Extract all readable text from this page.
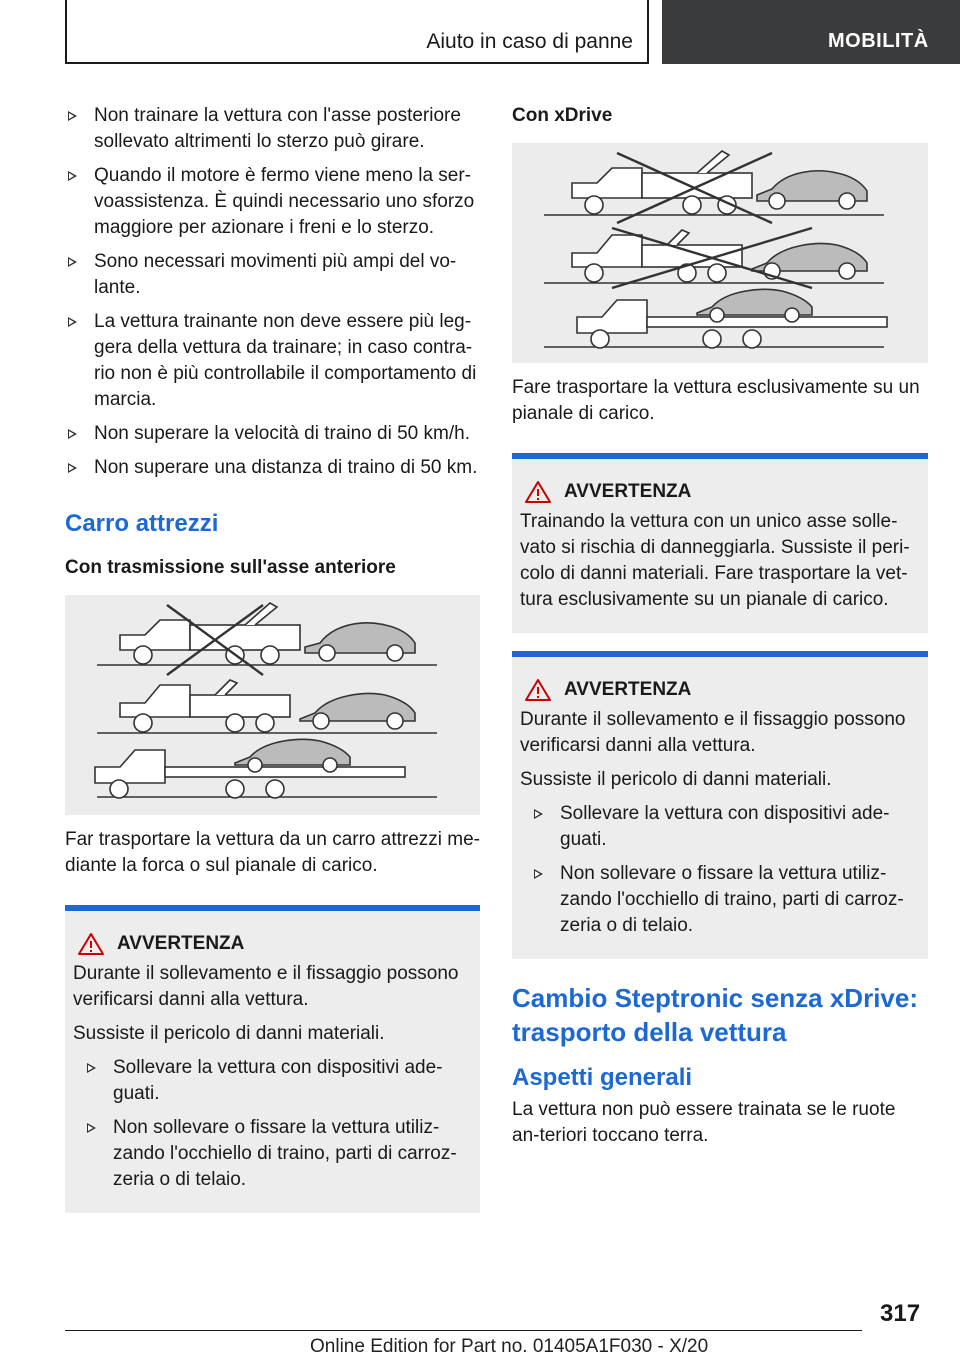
Aiuto in caso di panne	MOBILITÀ
Non trainare la vettura con l'asse posteriore sollevato altrimenti lo sterzo può girare.
Quando il motore è fermo viene meno la ser-voassistenza. È quindi necessario uno sforzo maggiore per azionare i freni e lo sterzo.
Sono necessari movimenti più ampi del vo-lante.
La vettura trainante non deve essere più leg-gera della vettura da trainare; in caso contra-rio non è più controllabile il comportamento di marcia.
Non superare la velocità di traino di 50 km/h.
Non superare una distanza di traino di 50 km.
Carro attrezzi
Con trasmissione sull'asse anteriore
Far trasportare la vettura da un carro attrezzi me-diante la forca o sul pianale di carico.
AVVERTENZA

Durante il sollevamento e il fissaggio possono verificarsi danni alla vettura.

Sussiste il pericolo di danni materiali.

Sollevare la vettura con dispositivi ade-guati.
Non sollevare o fissare la vettura utiliz-zando l'occhiello di traino, parti di carroz-zeria o di telaio.
Con xDrive
Fare trasportare la vettura esclusivamente su un pianale di carico.
AVVERTENZA

Trainando la vettura con un unico asse solle-vato si rischia di danneggiarla. Sussiste il peri-colo di danni materiali. Fare trasportare la vet-tura esclusivamente su un pianale di carico.

AVVERTENZA

Durante il sollevamento e il fissaggio possono verificarsi danni alla vettura.

Sussiste il pericolo di danni materiali.

Sollevare la vettura con dispositivi ade-guati.
Non sollevare o fissare la vettura utiliz-zando l'occhiello di traino, parti di carroz-zeria o di telaio.
Cambio Steptronic senza xDrive: trasporto della vettura
Aspetti generali
La vettura non può essere trainata se le ruote an-teriori toccano terra.
317
Online Edition for Part no. 01405A1F030 - X/20
